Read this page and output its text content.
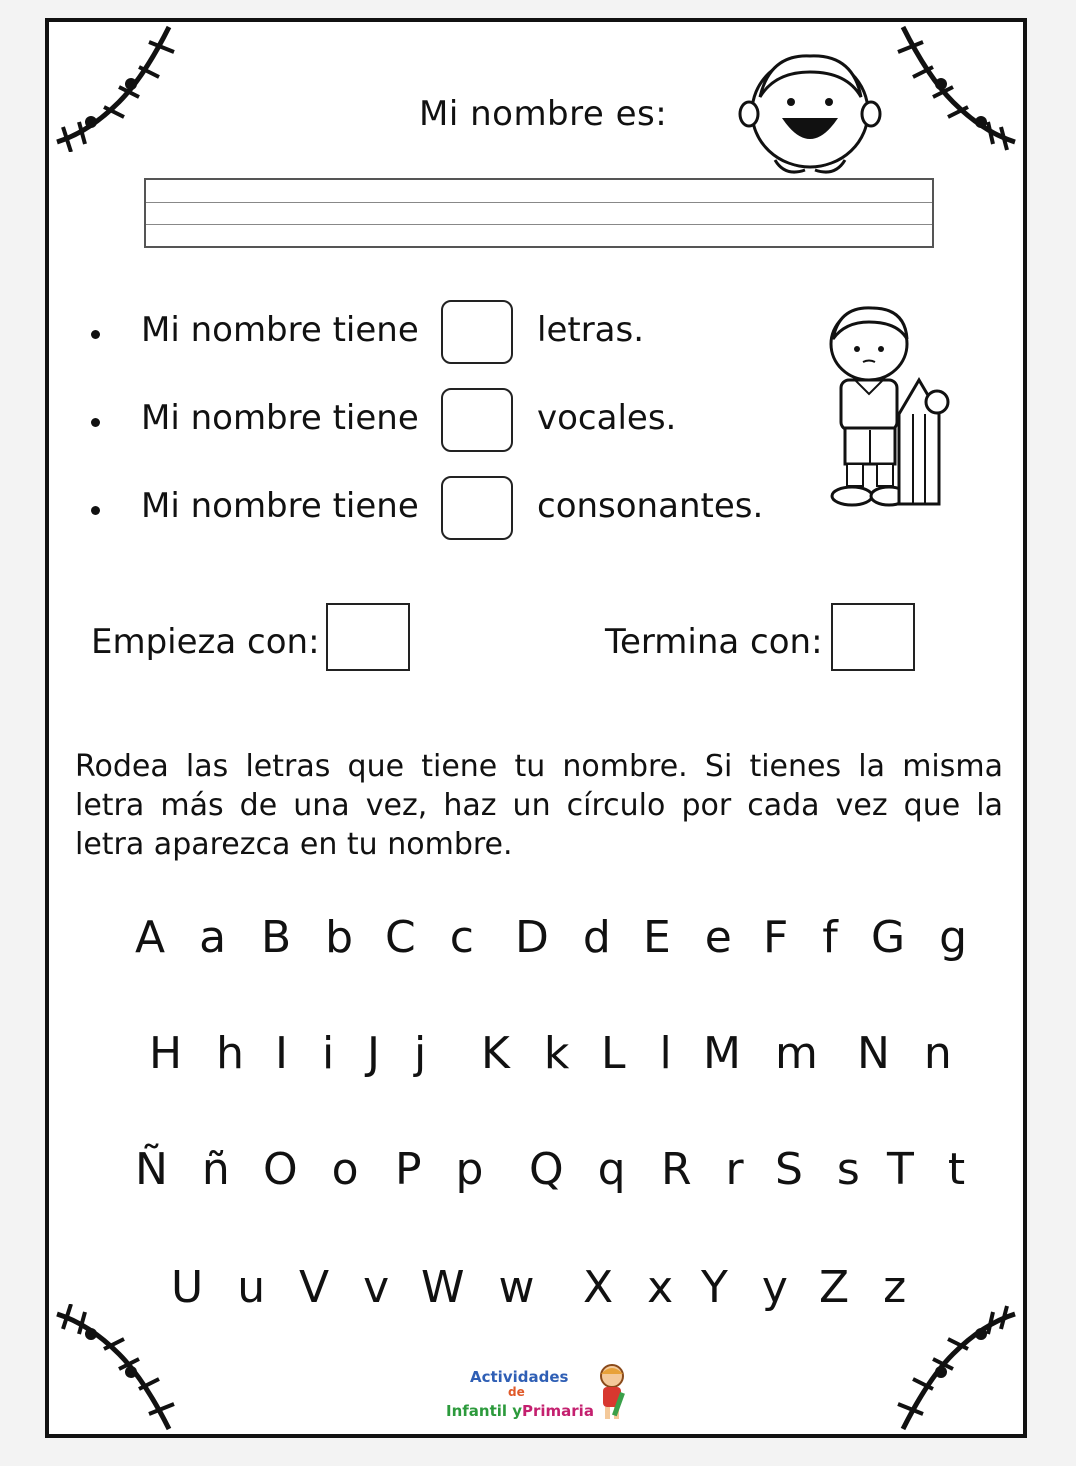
Mi nombre es:
Mi nombre tiene	letras.
Mi nombre tiene	vocales.
Mi nombre tiene	consonantes.
Empieza con:	Termina con:
Rodea las letras que tiene tu nombre. Si tienes la misma letra más de una vez, haz un círculo por cada vez que la letra aparezca en tu nombre.
A a B b C c D d E e F f G g
H h I i J j K k L l M m N n
Ñ ñ O o P p Q q R r S s T t
U u V v W w X x Y y Z z
Actividades
de
Infantil y Primaria
